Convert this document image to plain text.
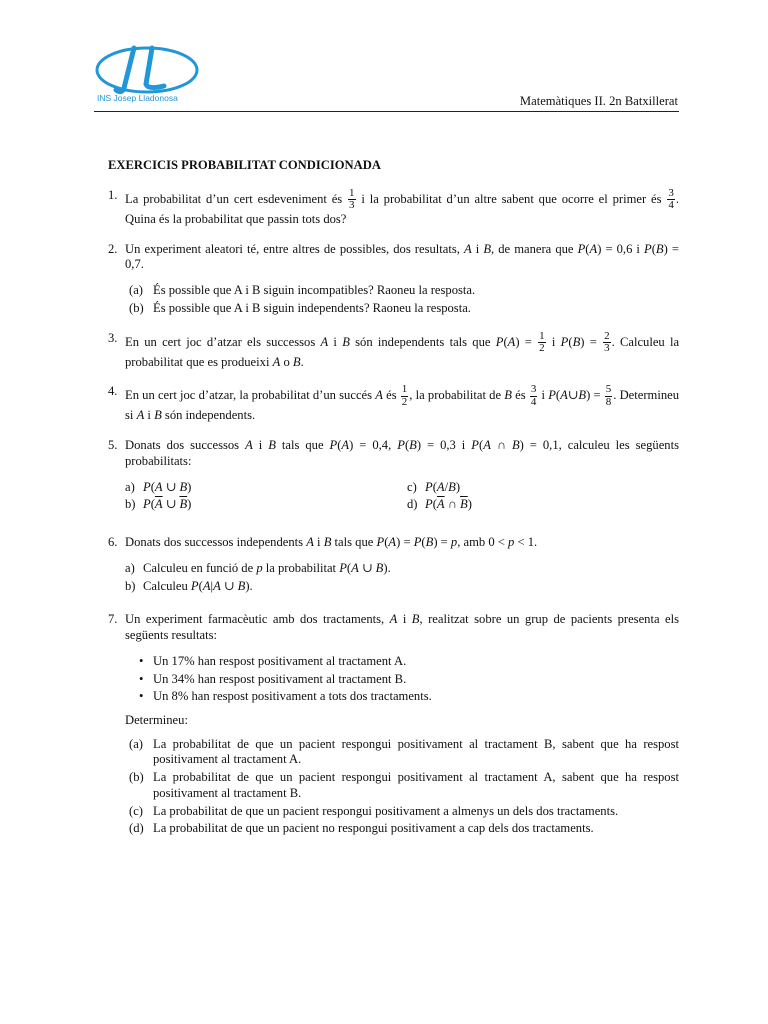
INS Josep Lladonosa	Matemàtiques II. 2n Batxillerat
EXERCICIS PROBABILITAT CONDICIONADA
1. La probabilitat d’un cert esdeveniment és $\frac{1}{3}$ i la probabilitat d’un altre sabent que ocorre el primer és $\frac{3}{4}$ . Quina és la probabilitat que passin tots dos?

2. Un experiment aleatori té, entre altres de possibles, dos resultats, A i B, de manera que P(A) = 0,6 i P(B) = 0,7.

(a) És possible que A i B siguin incompatibles? Raoneu la resposta.
(b) És possible que A i B siguin independents? Raoneu la resposta.
3. En un cert joc d’atzar els successos A i B són independents tals que $P(A) = \frac{1}{2}$ i $P(B) = \frac{2}{3}$ . Calculeu la probabilitat que es produeixi A o B.

4. En un cert joc d’atzar, la probabilitat d’un succés A és $\frac{1}{2}$ , la probabilitat de B és $\frac{3}{4}$ i P(A∪B) = $\frac{5}{8}$ . Determineu si A i B són independents.

5. Donats dos successos A i B tals que P(A) = 0,4, P(B) = 0,3 i P(A ∩ B) = 0,1, calculeu les següents probabilitats:

a) P(A ∪ B)	c) P(A/B)
b) $P(\overline{A}$ ∪ $\overline{B}$)	d) $P(\overline{A}$ ∩ $\overline{B}$)
6. Donats dos successos independents A i B tals que P(A) = P(B) = p, amb 0 < p < 1.

a) Calculeu en funció de p la probabilitat P(A ∪ B).
b) Calculeu P(A|A ∪ B).
7. Un experiment farmacèutic amb dos tractaments, A i B, realitzat sobre un grup de pacients presenta els següents resultats:

• Un 17% han respost positivament al tractament A.
• Un 34% han respost positivament al tractament B.
• Un 8% han respost positivament a tots dos tractaments.
Determineu:
(a) La probabilitat de que un pacient respongui positivament al tractament B, sabent que ha respost positivament al tractament A.
(b) La probabilitat de que un pacient respongui positivament al tractament A, sabent que ha respost positivament al tractament B.
(c) La probabilitat de que un pacient respongui positivament a almenys un dels dos tractaments.
(d) La probabilitat de que un pacient no respongui positivament a cap dels dos tractaments.
